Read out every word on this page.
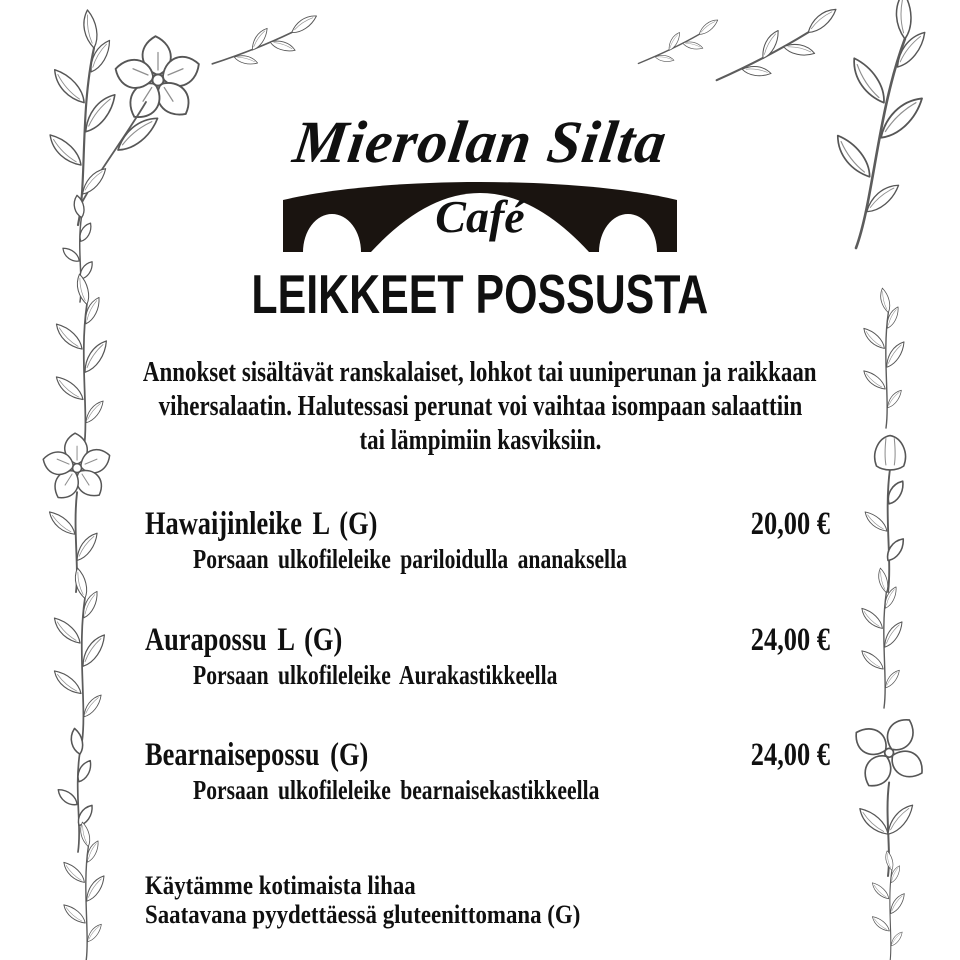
Mierolan Silta
Café
LEIKKEET POSSUSTA
Annokset sisältävät ranskalaiset, lohkot tai uuniperunan ja raikkaan
vihersalaatin. Halutessasi perunat voi vaihtaa isompaan salaattiin
tai lämpimiin kasviksiin.
Hawaijinleike L (G)	20,00 €
Porsaan ulkofileleike pariloidulla ananaksella
Aurapossu L (G)	24,00 €
Porsaan ulkofileleike Aurakastikkeella
Bearnaisepossu (G)	24,00 €
Porsaan ulkofileleike bearnaisekastikkeella
Käytämme kotimaista lihaa
Saatavana pyydettäessä gluteenittomana (G)
